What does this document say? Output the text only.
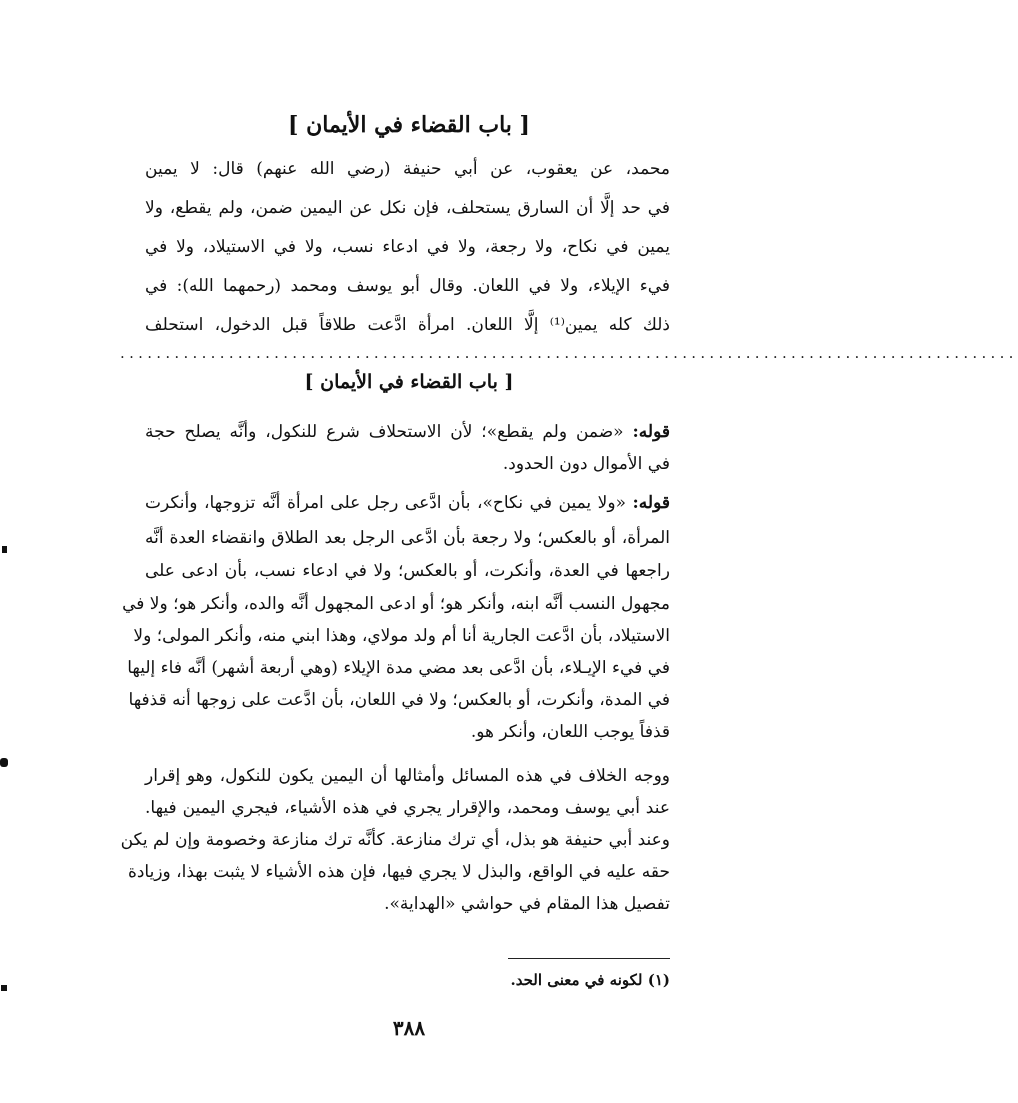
[ باب القضاء في الأيمان ]
محمد، عن يعقوب، عن أبي حنيفة (رضي الله عنهم) قال: لا يمين
في حد إلَّا أن السارق يستحلف، فإن نكل عن اليمين ضمن، ولم يقطع، ولا
يمين في نكاح، ولا رجعة، ولا في ادعاء نسب، ولا في الاستيلاد، ولا في
فيء الإيلاء، ولا في اللعان. وقال أبو يوسف ومحمد (رحمهما الله): في
ذلك كله يمين⁽¹⁾ إلَّا اللعان. امرأة ادَّعت طلاقاً قبل الدخول، استحلف
...................................................................................................
[ باب القضاء في الأيمان ]
قوله: «ضمن ولم يقطع»؛ لأن الاستحلاف شرع للنكول، وأنَّه يصلح حجة
في الأموال دون الحدود.
قوله: «ولا يمين في نكاح»، بأن ادَّعى رجل على امرأة أنَّه تزوجها، وأنكرت
المرأة، أو بالعكس؛ ولا رجعة بأن ادَّعى الرجل بعد الطلاق وانقضاء العدة أنَّه
راجعها في العدة، وأنكرت، أو بالعكس؛ ولا في ادعاء نسب، بأن ادعى على
مجهول النسب أنَّه ابنه، وأنكر هو؛ أو ادعى المجهول أنَّه والده، وأنكر هو؛ ولا في
الاستيلاد، بأن ادَّعت الجارية أنا أم ولد مولاي، وهذا ابني منه، وأنكر المولى؛ ولا
في فيء الإيـلاء، بأن ادَّعى بعد مضي مدة الإيلاء (وهي أربعة أشهر) أنَّه فاء إليها
في المدة، وأنكرت، أو بالعكس؛ ولا في اللعان، بأن ادَّعت على زوجها أنه قذفها
قذفاً يوجب اللعان، وأنكر هو.
ووجه الخلاف في هذه المسائل وأمثالها أن اليمين يكون للنكول، وهو إقرار
عند أبي يوسف ومحمد، والإقرار يجري في هذه الأشياء، فيجري اليمين فيها.
وعند أبي حنيفة هو بذل، أي ترك منازعة. كأنَّه ترك منازعة وخصومة وإن لم يكن
حقه عليه في الواقع، والبذل لا يجري فيها، فإن هذه الأشياء لا يثبت بهذا، وزيادة
تفصيل هذا المقام في حواشي «الهداية».
(١) لكونه في معنى الحد.
٣٨٨
